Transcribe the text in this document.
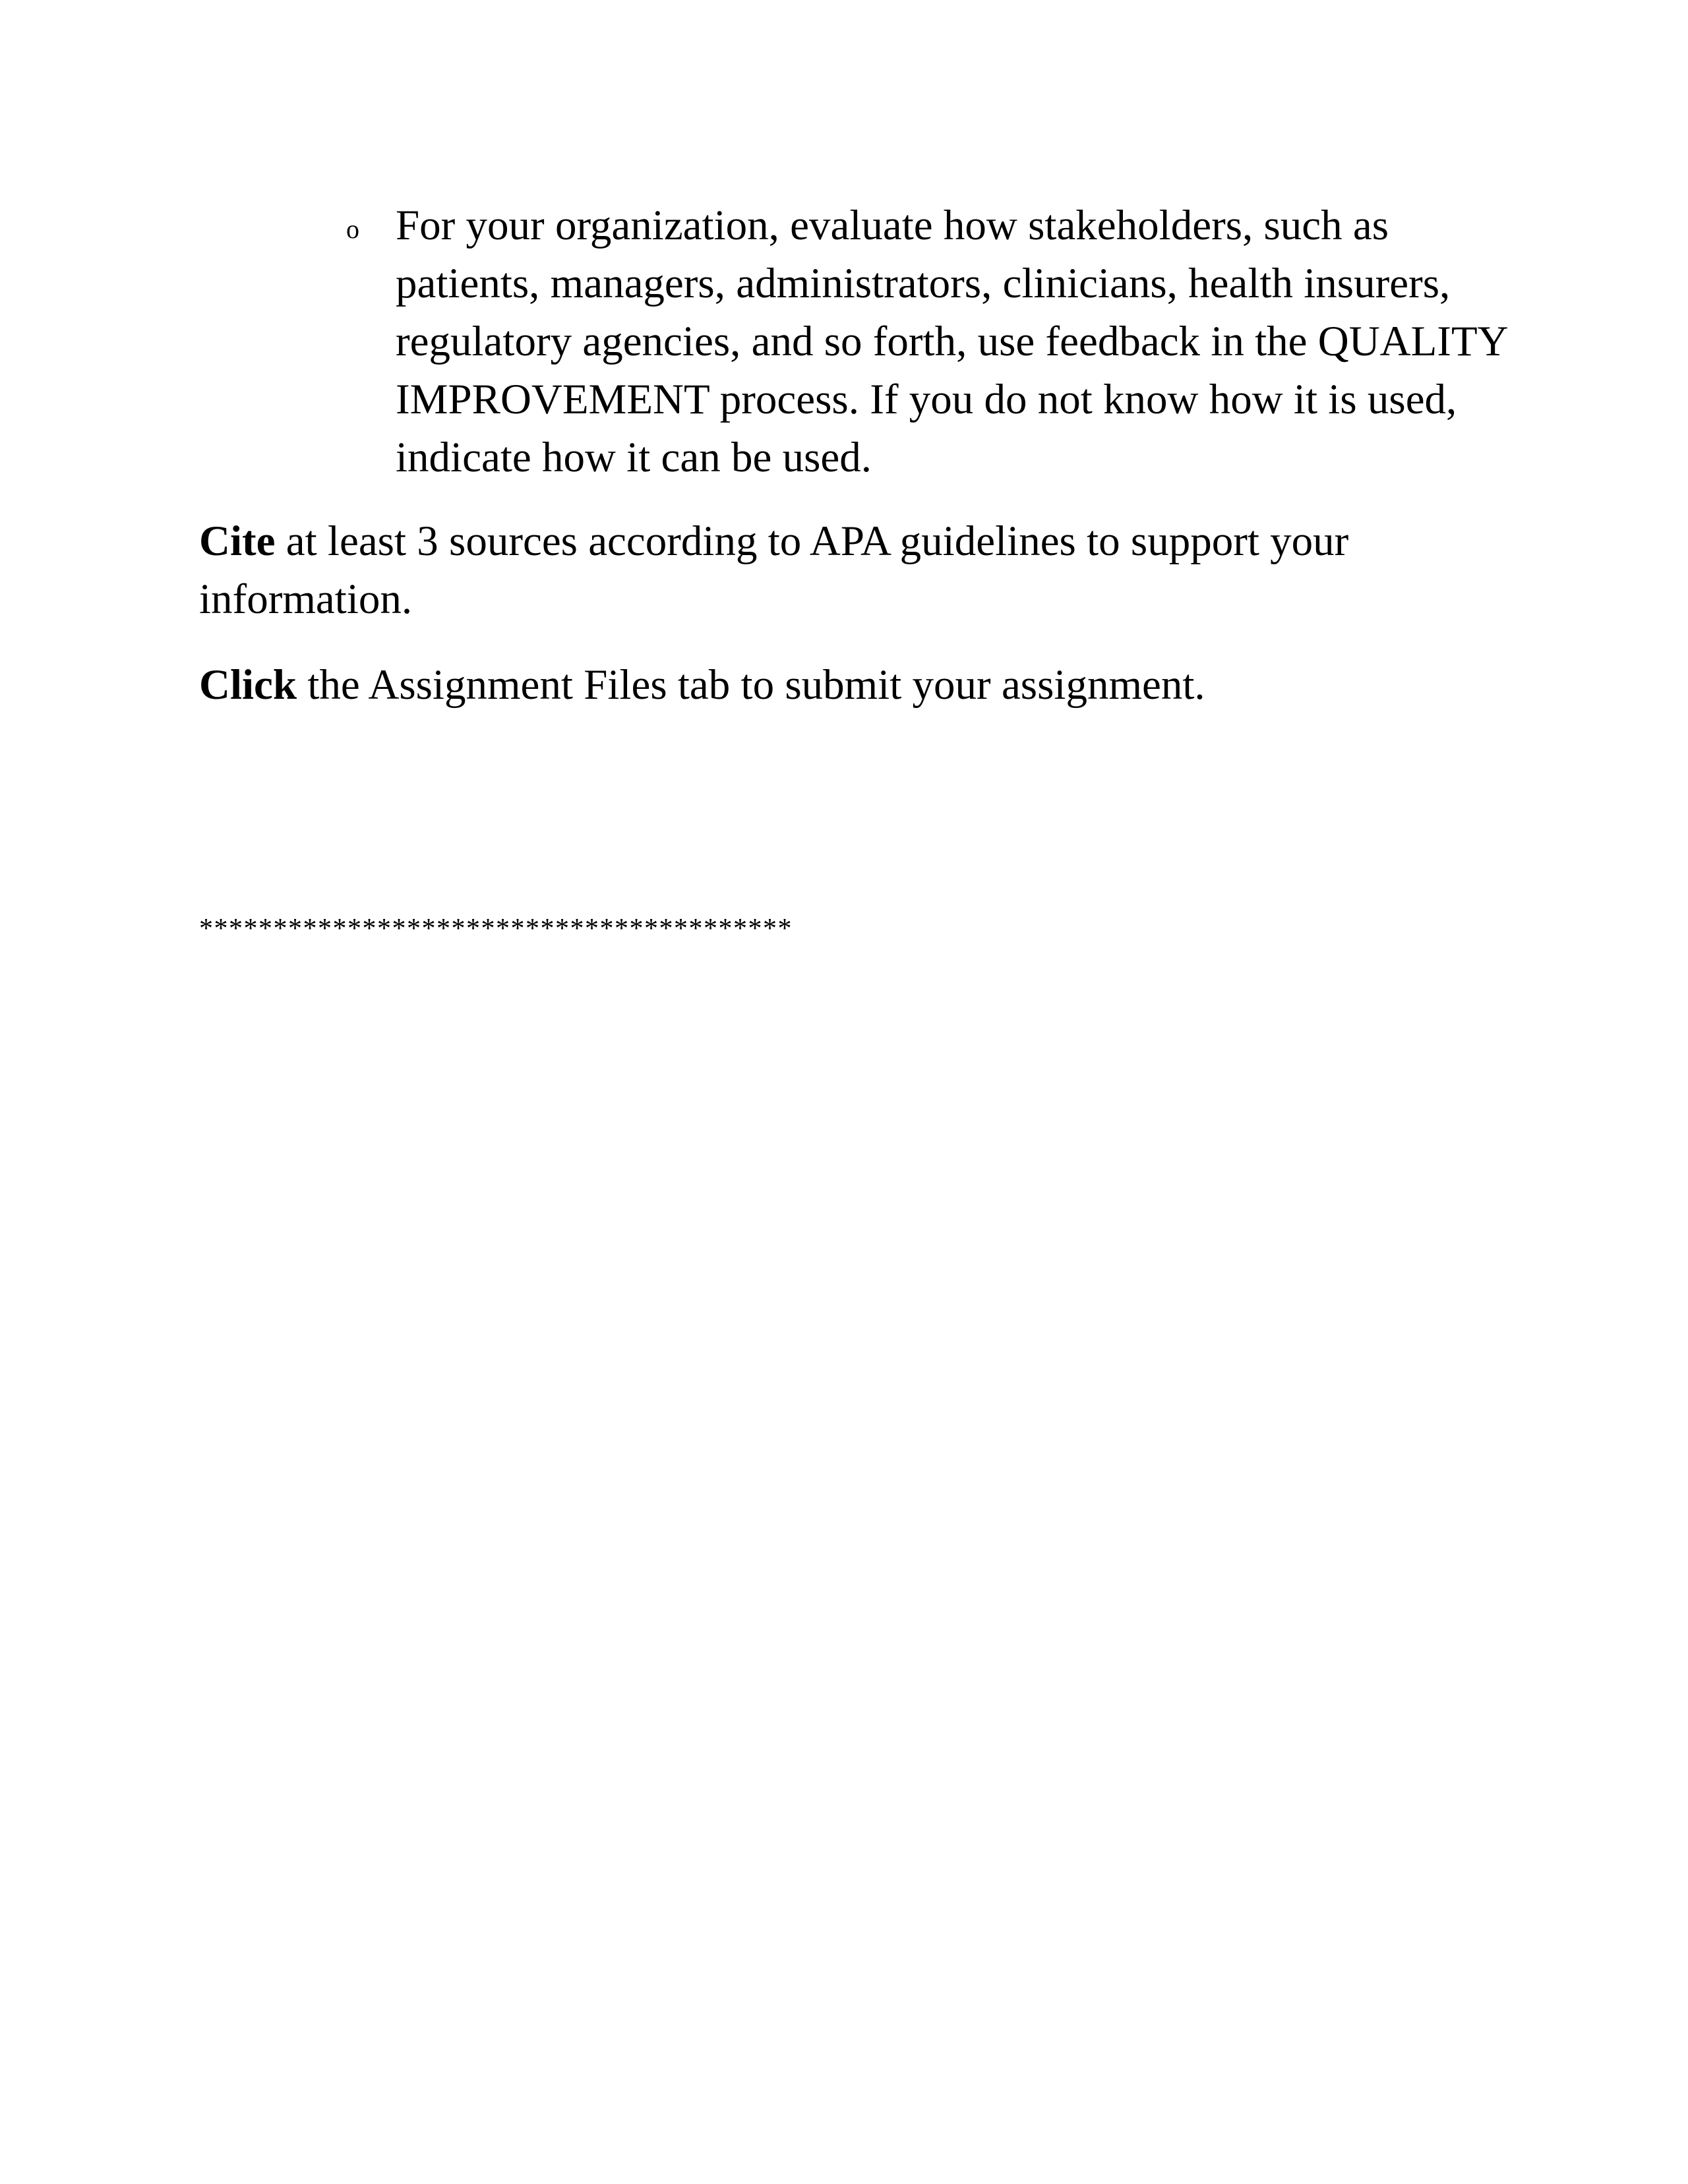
o For your organization, evaluate how stakeholders, such as patients, managers, administrators, clinicians, health insurers, regulatory agencies, and so forth, use feedback in the QUALITY IMPROVEMENT process. If you do not know how it is used, indicate how it can be used.
Cite at least 3 sources according to APA guidelines to support your information.
Click the Assignment Files tab to submit your assignment.
****************************************
